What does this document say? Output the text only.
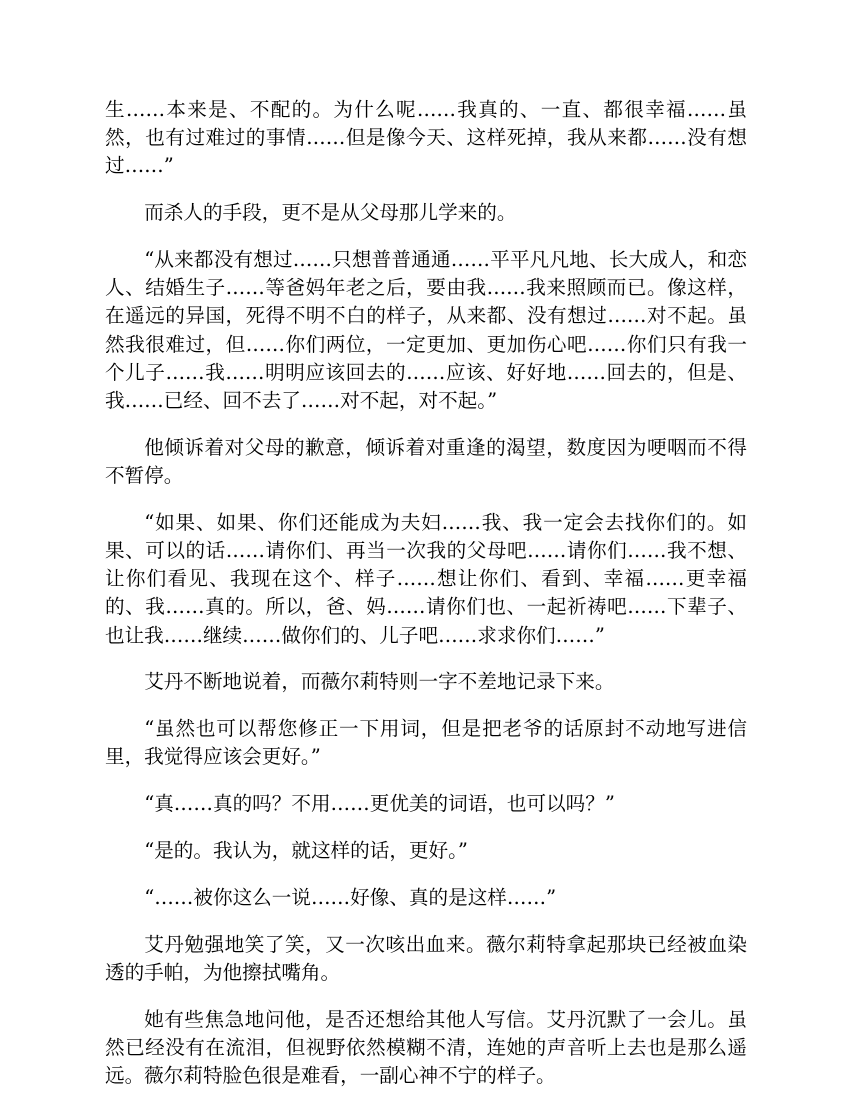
生……本来是、不配的。为什么呢……我真的、一直、都很幸福……虽然，也有过难过的事情……但是像今天、这样死掉，我从来都……没有想过……”

而杀人的手段，更不是从父母那儿学来的。

“从来都没有想过……只想普普通通……平平凡凡地、长大成人，和恋人、结婚生子……等爸妈年老之后，要由我……我来照顾而已。像这样，在遥远的异国，死得不明不白的样子，从来都、没有想过……对不起。虽然我很难过，但……你们两位，一定更加、更加伤心吧……你们只有我一个儿子……我……明明应该回去的……应该、好好地……回去的，但是、我……已经、回不去了……对不起，对不起。”

他倾诉着对父母的歉意，倾诉着对重逢的渴望，数度因为哽咽而不得不暂停。

“如果、如果、你们还能成为夫妇……我、我一定会去找你们的。如果、可以的话……请你们、再当一次我的父母吧……请你们……我不想、让你们看见、我现在这个、样子……想让你们、看到、幸福……更幸福的、我……真的。所以，爸、妈……请你们也、一起祈祷吧……下辈子、也让我……继续……做你们的、儿子吧……求求你们……”

艾丹不断地说着，而薇尔莉特则一字不差地记录下来。

“虽然也可以帮您修正一下用词，但是把老爷的话原封不动地写进信里，我觉得应该会更好。”

“真……真的吗？不用……更优美的词语，也可以吗？”

“是的。我认为，就这样的话，更好。”

“……被你这么一说……好像、真的是这样……”

艾丹勉强地笑了笑，又一次咳出血来。薇尔莉特拿起那块已经被血染透的手帕，为他擦拭嘴角。

她有些焦急地问他，是否还想给其他人写信。艾丹沉默了一会儿。虽然已经没有在流泪，但视野依然模糊不清，连她的声音听上去也是那么遥远。薇尔莉特脸色很是难看，一副心神不宁的样子。
